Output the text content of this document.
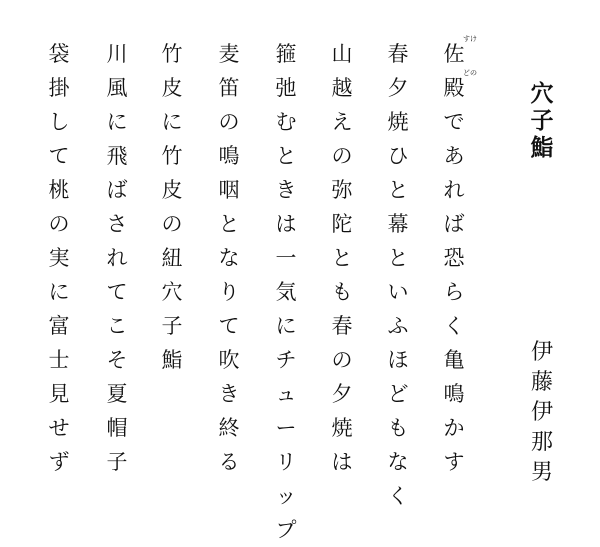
穴
子
鮨
伊
藤
伊
那
男
佐
すけ
殿
どの
で
あ
れ
ば
恐
ら
く
亀
鳴
か
す
春
夕
焼
ひ
と
幕
と
い
ふ
ほ
ど
も
な
く
山
越
え
の
弥
陀
と
も
春
の
夕
焼
は
箍
弛
む
と
き
は
一
気
に
チ
ュ
ー
リ
ッ
プ
麦
笛
の
鳴
咽
と
な
り
て
吹
き
終
る
竹
皮
に
竹
皮
の
紐
穴
子
鮨
川
風
に
飛
ば
さ
れ
て
こ
そ
夏
帽
子
袋
掛
し
て
桃
の
実
に
富
士
見
せ
ず
